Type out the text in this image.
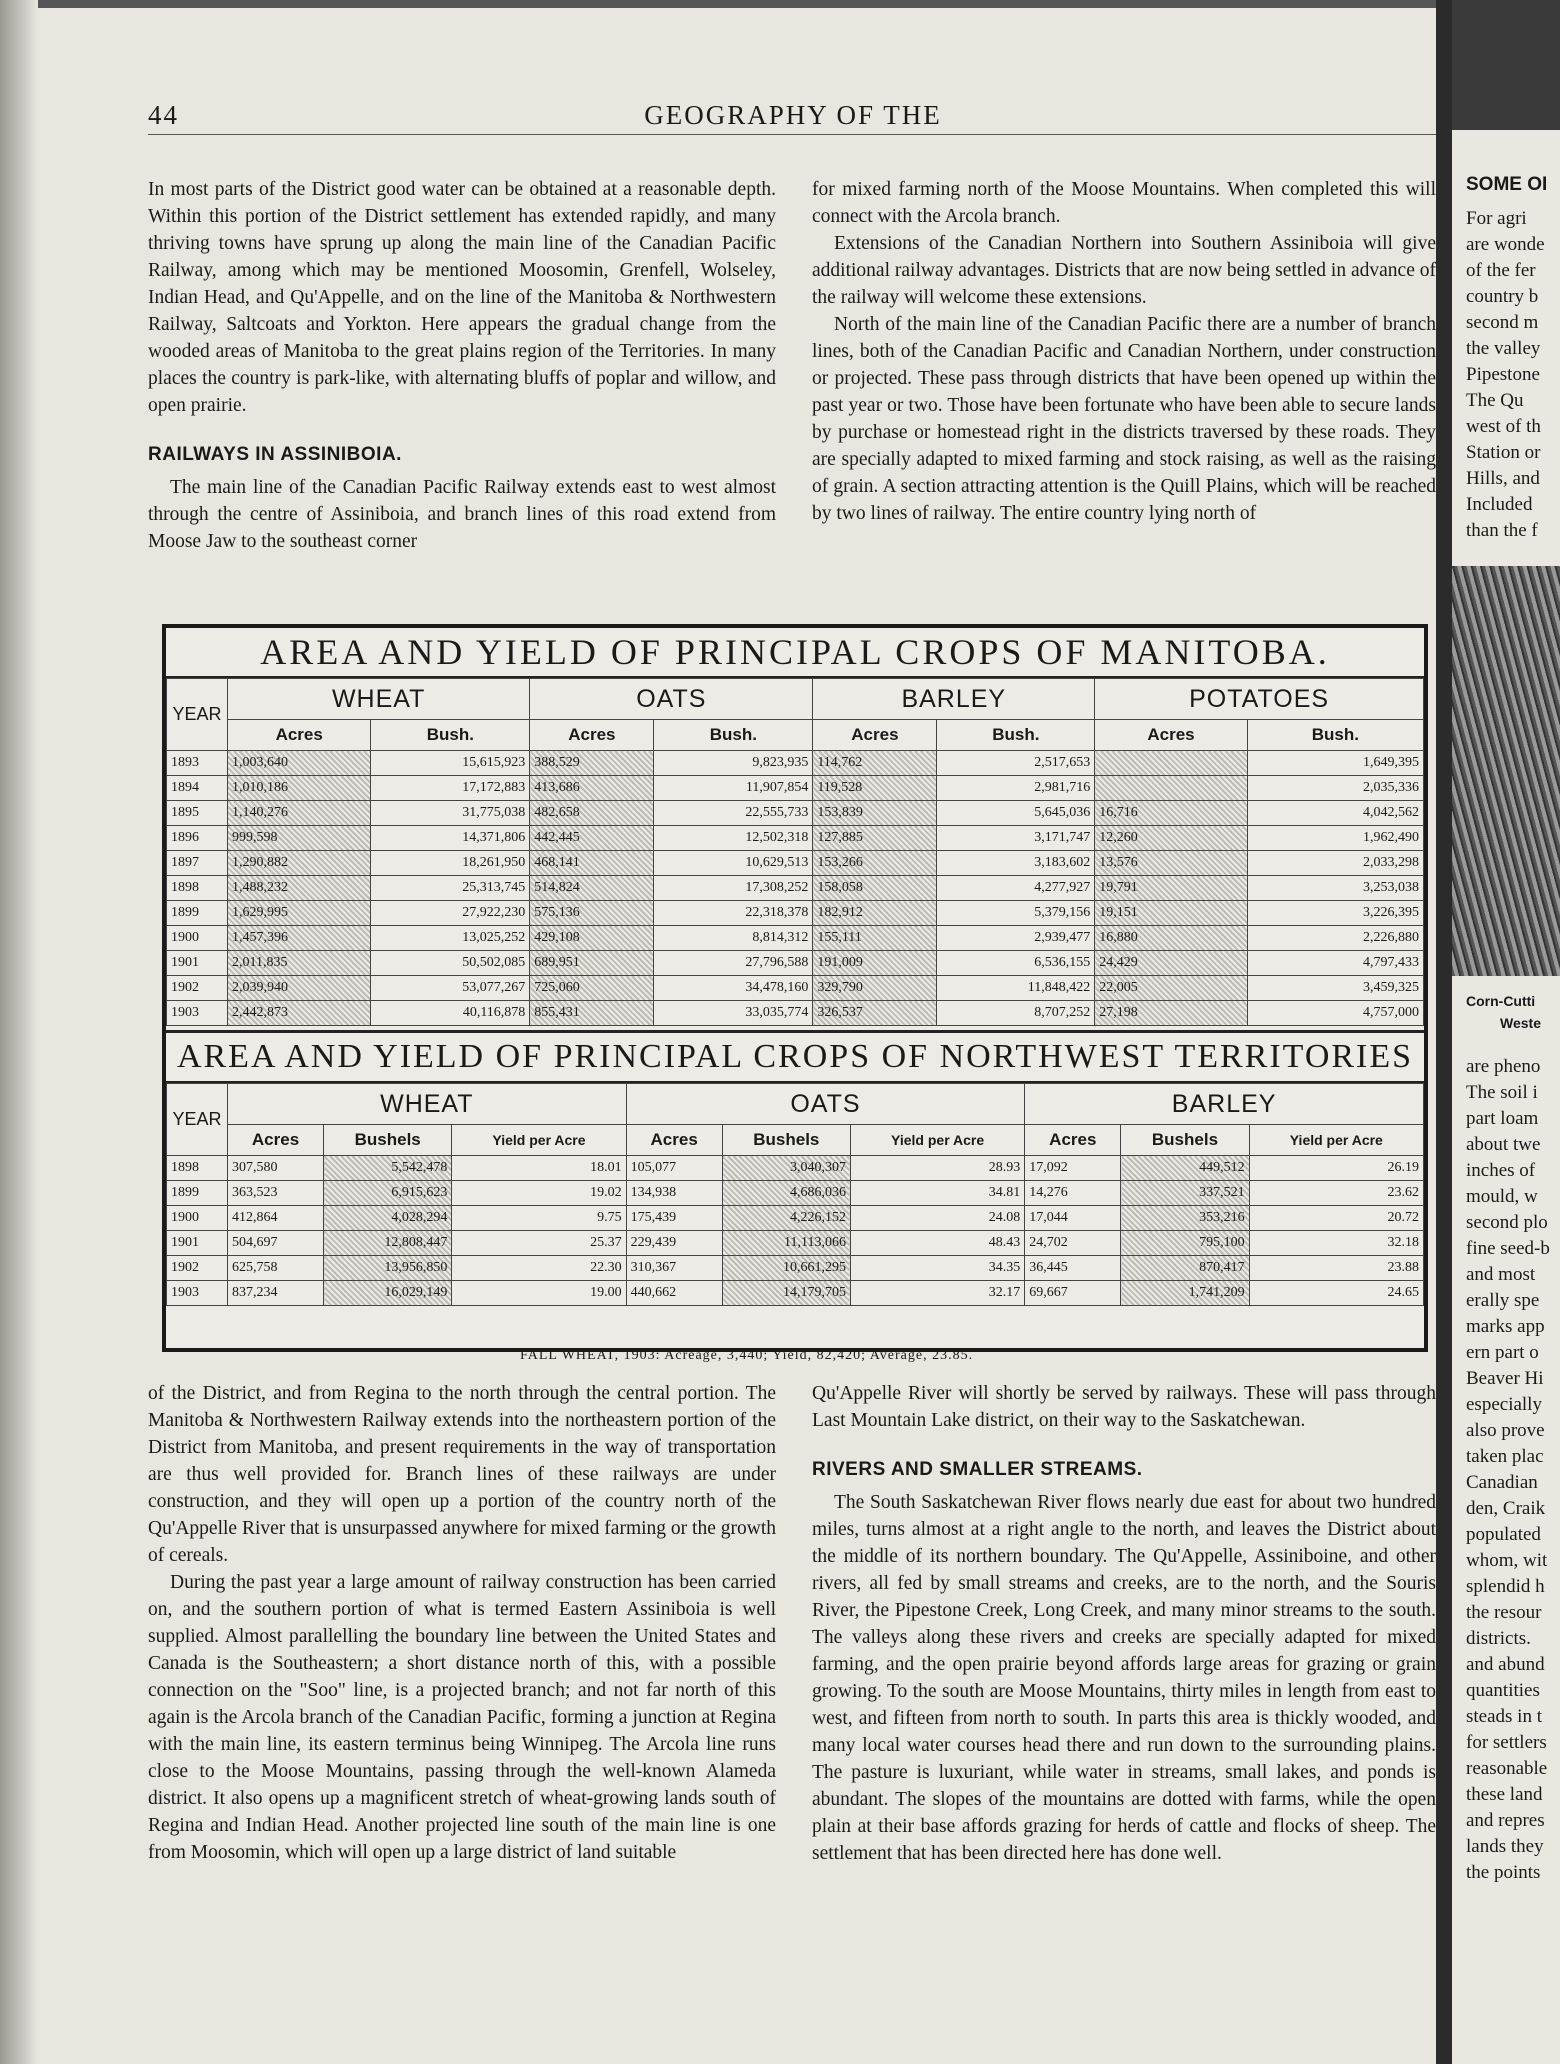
44	GEOGRAPHY OF THE

In most parts of the District good water can be obtained at a reasonable depth. Within this portion of the District settlement has extended rapidly, and many thriving towns have sprung up along the main line of the Canadian Pacific Railway, among which may be mentioned Moosomin, Grenfell, Wolseley, Indian Head, and Qu'Appelle, and on the line of the Manitoba & Northwestern Railway, Saltcoats and Yorkton. Here appears the gradual change from the wooded areas of Manitoba to the great plains region of the Territories. In many places the country is park-like, with alternating bluffs of poplar and willow, and open prairie.

RAILWAYS IN ASSINIBOIA.

The main line of the Canadian Pacific Railway extends east to west almost through the centre of Assiniboia, and branch lines of this road extend from Moose Jaw to the southeast corner

for mixed farming north of the Moose Mountains. When completed this will connect with the Arcola branch.

Extensions of the Canadian Northern into Southern Assiniboia will give additional railway advantages. Districts that are now being settled in advance of the railway will welcome these extensions.

North of the main line of the Canadian Pacific there are a number of branch lines, both of the Canadian Pacific and Canadian Northern, under construction or projected. These pass through districts that have been opened up within the past year or two. Those have been fortunate who have been able to secure lands by purchase or homestead right in the districts traversed by these roads. They are specially adapted to mixed farming and stock raising, as well as the raising of grain. A section attracting attention is the Quill Plains, which will be reached by two lines of railway. The entire country lying north of

AREA AND YIELD OF PRINCIPAL CROPS OF MANITOBA.
YEAR	WHEAT		OATS		BARLEY		POTATOES	
	Acres	Bush.	Acres	Bush.	Acres	Bush.	Acres	Bush.
1893	1,003,640	15,615,923	388,529	9,823,935	114,762	2,517,653		1,649,395
1894	1,010,186	17,172,883	413,686	11,907,854	119,528	2,981,716		2,035,336
1895	1,140,276	31,775,038	482,658	22,555,733	153,839	5,645,036	16,716	4,042,562
1896	999,598	14,371,806	442,445	12,502,318	127,885	3,171,747	12,260	1,962,490
1897	1,290,882	18,261,950	468,141	10,629,513	153,266	3,183,602	13,576	2,033,298
1898	1,488,232	25,313,745	514,824	17,308,252	158,058	4,277,927	19,791	3,253,038
1899	1,629,995	27,922,230	575,136	22,318,378	182,912	5,379,156	19,151	3,226,395
1900	1,457,396	13,025,252	429,108	8,814,312	155,111	2,939,477	16,880	2,226,880
1901	2,011,835	50,502,085	689,951	27,796,588	191,009	6,536,155	24,429	4,797,433
1902	2,039,940	53,077,267	725,060	34,478,160	329,790	11,848,422	22,005	3,459,325
1903	2,442,873	40,116,878	855,431	33,035,774	326,537	8,707,252	27,198	4,757,000
AREA AND YIELD OF PRINCIPAL CROPS OF NORTHWEST TERRITORIES
YEAR	WHEAT			OATS			BARLEY		
	Acres	Bushels	Yield per Acre	Acres	Bushels	Yield per Acre	Acres	Bushels	Yield per Acre
1898	307,580	5,542,478	18.01	105,077	3,040,307	28.93	17,092	449,512	26.19
1899	363,523	6,915,623	19.02	134,938	4,686,036	34.81	14,276	337,521	23.62
1900	412,864	4,028,294	9.75	175,439	4,226,152	24.08	17,044	353,216	20.72
1901	504,697	12,808,447	25.37	229,439	11,113,066	48.43	24,702	795,100	32.18
1902	625,758	13,956,850	22.30	310,367	10,661,295	34.35	36,445	870,417	23.88
1903	837,234	16,029,149	19.00	440,662	14,179,705	32.17	69,667	1,741,209	24.65
FALL WHEAT, 1903: Acreage, 3,440; Yield, 82,420; Average, 23.85.

of the District, and from Regina to the north through the central portion. The Manitoba & Northwestern Railway extends into the northeastern portion of the District from Manitoba, and present requirements in the way of transportation are thus well provided for. Branch lines of these railways are under construction, and they will open up a portion of the country north of the Qu'Appelle River that is unsurpassed anywhere for mixed farming or the growth of cereals.

During the past year a large amount of railway construction has been carried on, and the southern portion of what is termed Eastern Assiniboia is well supplied. Almost parallelling the boundary line between the United States and Canada is the Southeastern; a short distance north of this, with a possible connection on the "Soo" line, is a projected branch; and not far north of this again is the Arcola branch of the Canadian Pacific, forming a junction at Regina with the main line, its eastern terminus being Winnipeg. The Arcola line runs close to the Moose Mountains, passing through the well-known Alameda district. It also opens up a magnificent stretch of wheat-growing lands south of Regina and Indian Head. Another projected line south of the main line is one from Moosomin, which will open up a large district of land suitable

Qu'Appelle River will shortly be served by railways. These will pass through Last Mountain Lake district, on their way to the Saskatchewan.

RIVERS AND SMALLER STREAMS.

The South Saskatchewan River flows nearly due east for about two hundred miles, turns almost at a right angle to the north, and leaves the District about the middle of its northern boundary. The Qu'Appelle, Assiniboine, and other rivers, all fed by small streams and creeks, are to the north, and the Souris River, the Pipestone Creek, Long Creek, and many minor streams to the south. The valleys along these rivers and creeks are specially adapted for mixed farming, and the open prairie beyond affords large areas for grazing or grain growing. To the south are Moose Mountains, thirty miles in length from east to west, and fifteen from north to south. In parts this area is thickly wooded, and many local water courses head there and run down to the surrounding plains. The pasture is luxuriant, while water in streams, small lakes, and ponds is abundant. The slopes of the mountains are dotted with farms, while the open plain at their base affords grazing for herds of cattle and flocks of sheep. The settlement that has been directed here has done well.

SOME OI
For agri
are wonde
of the fer
country b
second m
the valley
Pipestone
The Qu
west of th
Station or
Hills, and
Included
than the f
Corn-Cutti
Weste
are pheno
The soil i
part loam
about twe
inches of
mould, w
second plo
fine seed-b
and most
erally spe
marks app
ern part o
Beaver Hi
especially
also prove
taken plac
Canadian
den, Craik
populated
whom, wit
splendid h
the resour
districts.
and abund
quantities
steads in t
for settlers
reasonable
these land
and repres
lands they
the points
